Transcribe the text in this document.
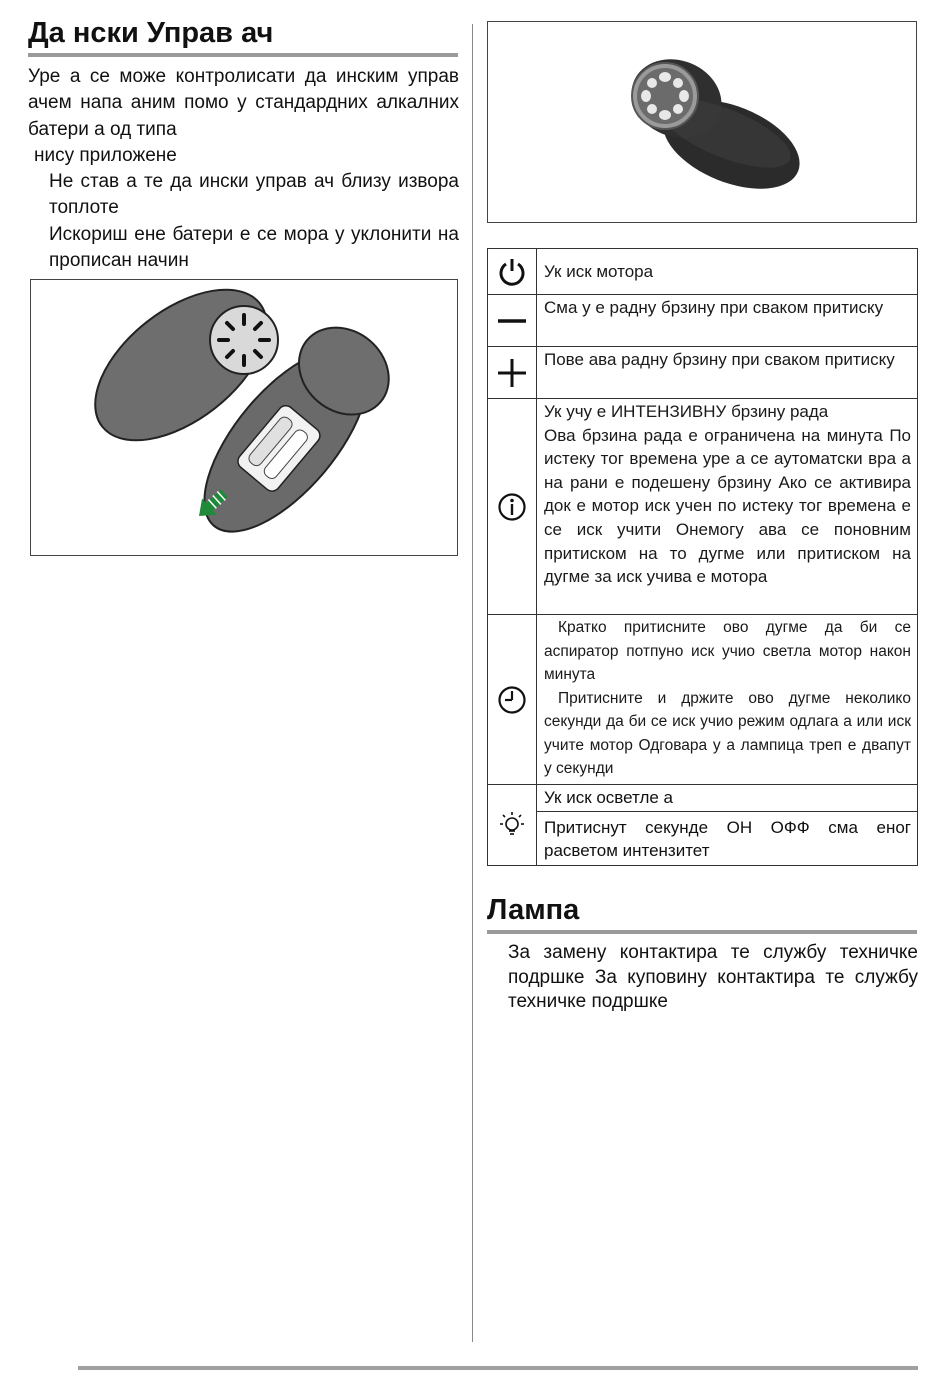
Да нски Управ ач

Уре а се може контролисати да инским управ ачем напа аним помо у стандардних алкалних батери а од типа

нису приложене

Не став а те да ински управ ач близу извора топлоте

Искориш ене батери е се мора у уклонити на прописан начин

Ук иск мотора

Сма у е радну брзину при сваком притиску

Пове ава радну брзину при сваком притиску

Ук учу е ИНТЕНЗИВНУ брзину рада

Ова брзина рада е ограничена на минута По истеку тог времена уре а се аутоматски вра а на рани е подешену брзину Ако се активира док е мотор иск учен по истеку тог времена е се иск учити Онемогу ава се поновним притиском на то дугме или притиском на дугме за иск учива е мотора

Кратко притисните ово дугме да би се аспиратор потпуно иск учио светла мотор након минута

Притисните и држите ово дугме неколико секунди да би се иск учио режим одлага а или иск учите мотор Одговара у а лампица треп е двапут у секунди

Ук иск осветле а
Притиснут секунде ОН ОФФ сма еног расветом интензитет
Лампа

За замену контактира те службу техничке подршке За куповину контактира те службу техничке подршке
